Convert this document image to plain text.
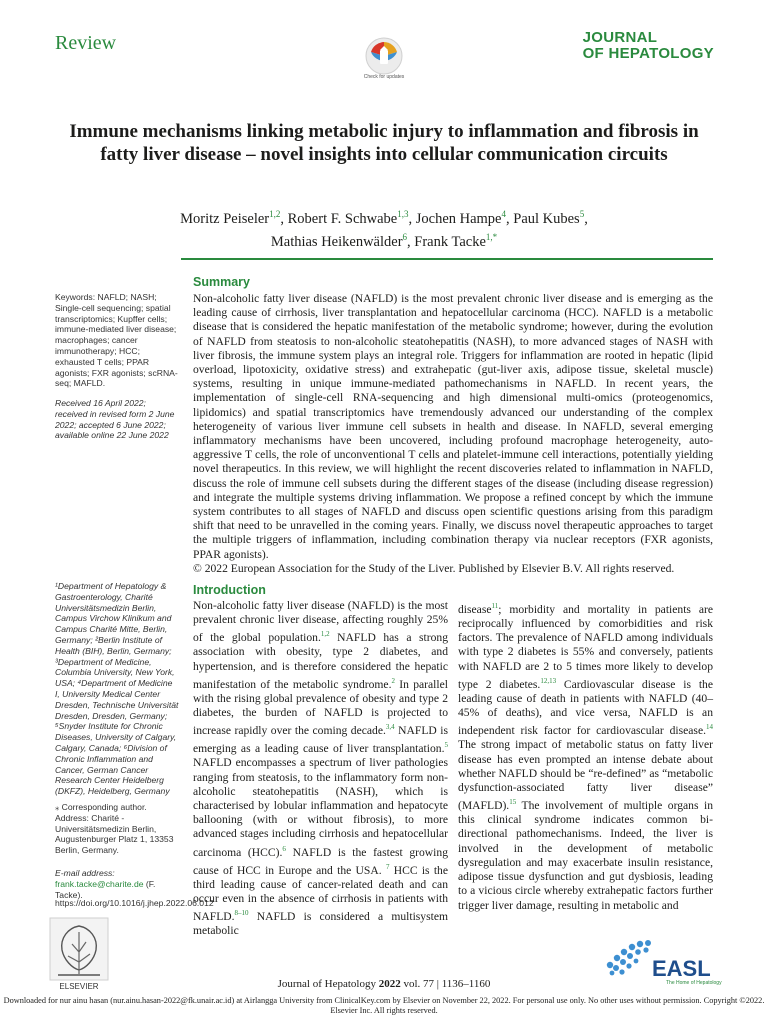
Review
Check for updates
JOURNAL
OF HEPATOLOGY
Immune mechanisms linking metabolic injury to inflammation and fibrosis in fatty liver disease – novel insights into cellular communication circuits
Moritz Peiseler$^{1,2}$, Robert F. Schwabe$^{1,3}$, Jochen Hampe$^4$, Paul Kubes$^5$,
Mathias Heikenwälder$^6$, Frank Tacke$^{1,*}$
Keywords: NAFLD; NASH; Single-cell sequencing; spatial transcriptomics; Kupffer cells; immune-mediated liver disease; macrophages; cancer immunotherapy; HCC; exhausted T cells; PPAR agonists; FXR agonists; scRNA-seq; MAFLD.
Received 16 April 2022; received in revised form 2 June 2022; accepted 6 June 2022; available online 22 June 2022
¹Department of Hepatology & Gastroenterology, Charité Universitätsmedizin Berlin, Campus Virchow Klinikum and Campus Charité Mitte, Berlin, Germany; ²Berlin Institute of Health (BIH), Berlin, Germany; ³Department of Medicine, Columbia University, New York, USA; ⁴Department of Medicine I, University Medical Center Dresden, Technische Universität Dresden, Dresden, Germany; ⁵Snyder Institute for Chronic Diseases, University of Calgary, Calgary, Canada; ⁶Division of Chronic Inflammation and Cancer, German Cancer Research Center Heidelberg (DKFZ), Heidelberg, Germany
⁎ Corresponding author. Address: Charité - Universitätsmedizin Berlin, Augustenburger Platz 1, 13353 Berlin, Germany.
E-mail address: frank.tacke@charite.de (F. Tacke).
https://doi.org/10.1016/j.jhep.2022.06.012
Summary
Non-alcoholic fatty liver disease (NAFLD) is the most prevalent chronic liver disease and is emerging as the leading cause of cirrhosis, liver transplantation and hepatocellular carcinoma (HCC). NAFLD is a metabolic disease that is considered the hepatic manifestation of the metabolic syndrome; however, during the evolution of NAFLD from steatosis to non-alcoholic steatohepatitis (NASH), to more advanced stages of NASH with liver fibrosis, the immune system plays an integral role. Triggers for inflammation are rooted in hepatic (lipid overload, lipotoxicity, oxidative stress) and extrahepatic (gut-liver axis, adipose tissue, skeletal muscle) systems, resulting in unique immune-mediated pathomechanisms in NAFLD. In recent years, the implementation of single-cell RNA-sequencing and high dimensional multi-omics (proteogenomics, lipidomics) and spatial transcriptomics have tremendously advanced our understanding of the complex heterogeneity of various liver immune cell subsets in health and disease. In NAFLD, several emerging inflammatory mechanisms have been uncovered, including profound macrophage heterogeneity, auto-aggressive T cells, the role of unconventional T cells and platelet-immune cell interactions, potentially yielding novel therapeutics. In this review, we will highlight the recent discoveries related to inflammation in NAFLD, discuss the role of immune cell subsets during the different stages of the disease (including disease regression) and integrate the multiple systems driving inflammation. We propose a refined concept by which the immune system contributes to all stages of NAFLD and discuss open scientific questions arising from this paradigm shift that need to be unravelled in the coming years. Finally, we discuss novel therapeutic approaches to target the multiple triggers of inflammation, including combination therapy via nuclear receptors (FXR agonists, PPAR agonists).
© 2022 European Association for the Study of the Liver. Published by Elsevier B.V. All rights reserved.
Introduction
Non-alcoholic fatty liver disease (NAFLD) is the most prevalent chronic liver disease, affecting roughly 25% of the global population.$^{1,2}$ NAFLD has a strong association with obesity, type 2 diabetes, and hypertension, and is therefore considered the hepatic manifestation of the metabolic syndrome.$^2$ In parallel with the rising global prevalence of obesity and type 2 diabetes, the burden of NAFLD is projected to increase rapidly over the coming decade.$^{3,4}$ NAFLD is emerging as a leading cause of liver transplantation.$^5$ NAFLD encompasses a spectrum of liver pathologies ranging from steatosis, to the inflammatory form non-alcoholic steatohepatitis (NASH), which is characterised by lobular inflammation and hepatocyte ballooning (with or without fibrosis), to more advanced stages including cirrhosis and hepatocellular carcinoma (HCC).$^6$ NAFLD is the fastest growing cause of HCC in Europe and the USA. $^7$ HCC is the third leading cause of cancer-related death and can occur even in the absence of cirrhosis in patients with NAFLD.$^{8-10}$ NAFLD is considered a multisystem metabolic
disease$^{11}$; morbidity and mortality in patients are reciprocally influenced by comorbidities and risk factors. The prevalence of NAFLD among individuals with type 2 diabetes is 55% and conversely, patients with NAFLD are 2 to 5 times more likely to develop type 2 diabetes.$^{12,13}$ Cardiovascular disease is the leading cause of death in patients with NAFLD (40–45% of deaths), and vice versa, NAFLD is an independent risk factor for cardiovascular disease.$^{14}$ The strong impact of metabolic status on fatty liver disease has even prompted an intense debate about whether NAFLD should be “re-defined” as “metabolic dysfunction-associated fatty liver disease” (MAFLD).$^{15}$ The involvement of multiple organs in this clinical syndrome indicates common bi-directional pathomechanisms. Indeed, the liver is involved in the development of metabolic dysregulation and may exacerbate insulin resistance, adipose tissue dysfunction and gut dysbiosis, leading to a vicious circle whereby extrahepatic factors further trigger liver damage, resulting in metabolic and
ELSEVIER	Journal of Hepatology 2022 vol. 77 | 1136–1160
EASL
The Home of Hepatology
Downloaded for nur ainu hasan (nur.ainu.hasan-2022@fk.unair.ac.id) at Airlangga University from ClinicalKey.com by Elsevier on November 22, 2022. For personal use only. No other uses without permission. Copyright ©2022. Elsevier Inc. All rights reserved.
